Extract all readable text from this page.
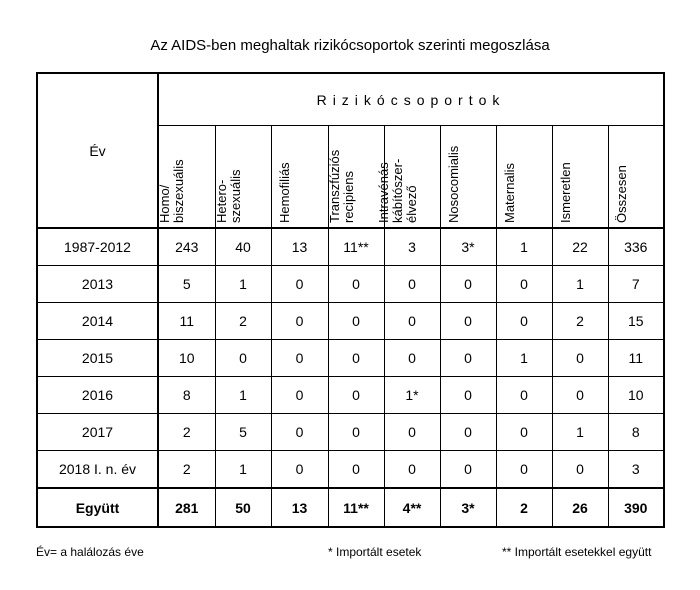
Az AIDS-ben meghaltak rizikócsoportok szerinti megoszlása
Év	Rizikócsoportok								

	Homo/ biszexuális	Hetero- szexuális	Hemofiliás	Transzfúziós recipiens	Intravénás kábítószer- élvező	Nosocomialis	Maternalis	Ismeretlen	Összesen

1987-2012	243	40	13	11**	3	3*	1	22	336
2013	5	1	0	0	0	0	0	1	7
2014	11	2	0	0	0	0	0	2	15
2015	10	0	0	0	0	0	1	0	11
2016	8	1	0	0	1*	0	0	0	10
2017	2	5	0	0	0	0	0	1	8
2018 I. n. év	2	1	0	0	0	0	0	0	3
Együtt	281	50	13	11**	4**	3*	2	26	390
Év= a halálozás éve	* Importált esetek	** Importált esetekkel együtt
